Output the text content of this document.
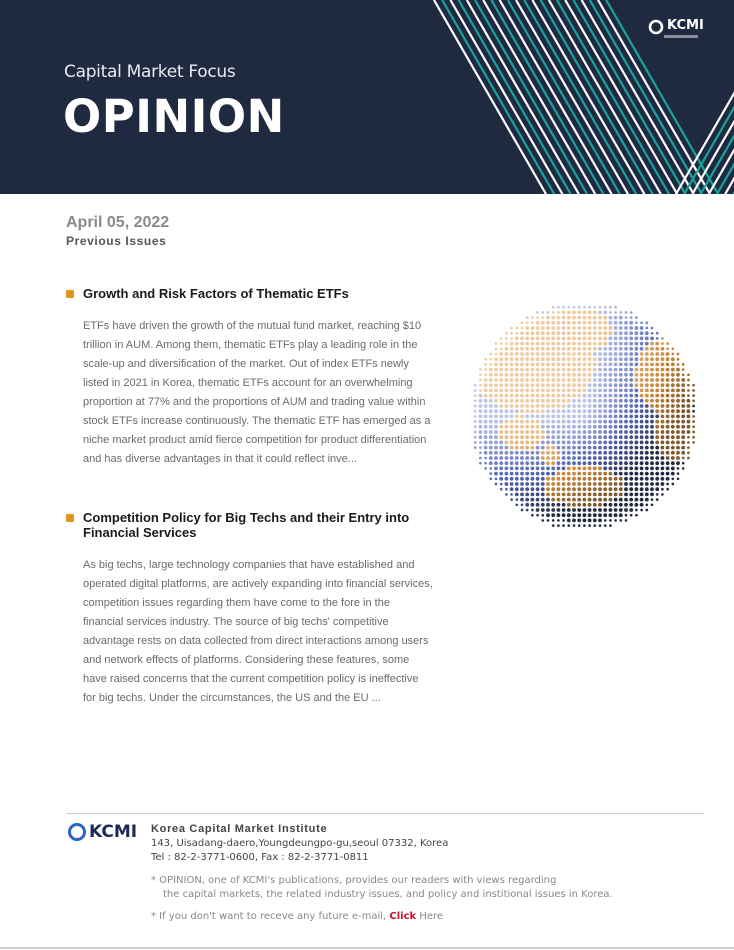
Capital Market Focus
OPINION
KCMI
April 05, 2022
Previous Issues
Growth and Risk Factors of Thematic ETFs

ETFs have driven the growth of the mutual fund market, reaching $10 trillion in AUM. Among them, thematic ETFs play a leading role in the scale-up and diversification of the market. Out of index ETFs newly listed in 2021 in Korea, thematic ETFs account for an overwhelming proportion at 77% and the proportions of AUM and trading value within stock ETFs increase continuously. The thematic ETF has emerged as a niche market product amid fierce competition for product differentiation and has diverse advantages in that it could reflect inve...

Competition Policy for Big Techs and their Entry into Financial Services

As big techs, large technology companies that have established and operated digital platforms, are actively expanding into financial services, competition issues regarding them have come to the fore in the financial services industry. The source of big techs' competitive advantage rests on data collected from direct interactions among users and network effects of platforms. Considering these features, some have raised concerns that the current competition policy is ineffective for big techs. Under the circumstances, the US and the EU ...

KCMI Korea Capital Market Institute
143, Uisadang-daero,Youngdeungpo-gu,seoul 07332, Korea
Tel : 82-2-3771-0600, Fax : 82-2-3771-0811
* OPINION, one of KCMI's publications, provides our readers with views regarding
the capital markets, the related industry issues, and policy and institional issues in Korea.
* If you don't want to receve any future e-mail, Click Here
